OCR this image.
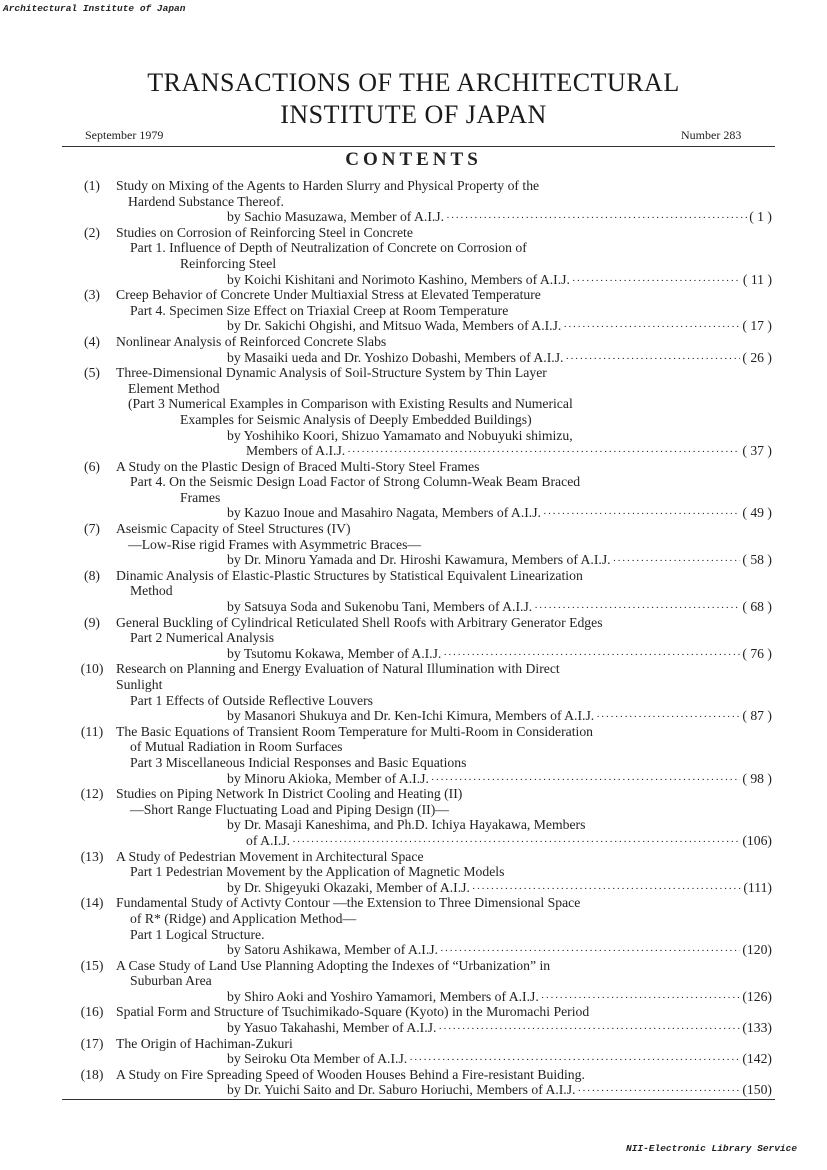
Architectural Institute of Japan
TRANSACTIONS OF THE ARCHITECTURAL
INSTITUTE OF JAPAN
September 1979	Number 283
CONTENTS
(1)	Study on Mixing of the Agents to Harden Slurry and Physical Property of the
Hardend Substance Thereof.
by Sachio Masuzawa, Member of A.I.J. ·····	( 1 )
(2)	Studies on Corrosion of Reinforcing Steel in Concrete
Part 1. Influence of Depth of Neutralization of Concrete on Corrosion of
Reinforcing Steel
by Koichi Kishitani and Norimoto Kashino, Members of A.I.J. ·····	( 11 )
(3)	Creep Behavior of Concrete Under Multiaxial Stress at Elevated Temperature
Part 4. Specimen Size Effect on Triaxial Creep at Room Temperature
by Dr. Sakichi Ohgishi, and Mitsuo Wada, Members of A.I.J. ·····	( 17 )
(4)	Nonlinear Analysis of Reinforced Concrete Slabs
by Masaiki ueda and Dr. Yoshizo Dobashi, Members of A.I.J. ·····	( 26 )
(5)	Three-Dimensional Dynamic Analysis of Soil-Structure System by Thin Layer
Element Method
(Part 3 Numerical Examples in Comparison with Existing Results and Numerical
Examples for Seismic Analysis of Deeply Embedded Buildings)
by Yoshihiko Koori, Shizuo Yamamato and Nobuyuki shimizu,
Members of A.I.J. ·····	( 37 )
(6)	A Study on the Plastic Design of Braced Multi-Story Steel Frames
Part 4. On the Seismic Design Load Factor of Strong Column-Weak Beam Braced
Frames
by Kazuo Inoue and Masahiro Nagata, Members of A.I.J. ·····	( 49 )
(7)	Aseismic Capacity of Steel Structures (IV)
—Low-Rise rigid Frames with Asymmetric Braces—
by Dr. Minoru Yamada and Dr. Hiroshi Kawamura, Members of A.I.J. ·····	( 58 )
(8)	Dinamic Analysis of Elastic-Plastic Structures by Statistical Equivalent Linearization
Method
by Satsuya Soda and Sukenobu Tani, Members of A.I.J. ·····	( 68 )
(9)	General Buckling of Cylindrical Reticulated Shell Roofs with Arbitrary Generator Edges
Part 2 Numerical Analysis
by Tsutomu Kokawa, Member of A.I.J. ·····	( 76 )
(10) Research on Planning and Energy Evaluation of Natural Illumination with Direct
Sunlight
Part 1 Effects of Outside Reflective Louvers
by Masanori Shukuya and Dr. Ken-Ichi Kimura, Members of A.I.J. ·····	( 87 )
(11) The Basic Equations of Transient Room Temperature for Multi-Room in Consideration
of Mutual Radiation in Room Surfaces
Part 3 Miscellaneous Indicial Responses and Basic Equations
by Minoru Akioka, Member of A.I.J. ·····	( 98 )
(12) Studies on Piping Network In District Cooling and Heating (II)
—Short Range Fluctuating Load and Piping Design (II)—
by Dr. Masaji Kaneshima, and Ph.D. Ichiya Hayakawa, Members
of A.I.J. ·····	(106)
(13) A Study of Pedestrian Movement in Architectural Space
Part 1 Pedestrian Movement by the Application of Magnetic Models
by Dr. Shigeyuki Okazaki, Member of A.I.J. ·····	(111)
(14) Fundamental Study of Activty Contour —the Extension to Three Dimensional Space
of R* (Ridge) and Application Method—
Part 1 Logical Structure.
by Satoru Ashikawa, Member of A.I.J. ·····	(120)
(15) A Case Study of Land Use Planning Adopting the Indexes of “Urbanization” in
Suburban Area
by Shiro Aoki and Yoshiro Yamamori, Members of A.I.J. ·····	(126)
(16) Spatial Form and Structure of Tsuchimikado-Square (Kyoto) in the Muromachi Period
by Yasuo Takahashi, Member of A.I.J. ·····	(133)
(17) The Origin of Hachiman-Zukuri
by Seiroku Ota Member of A.I.J. ·····	(142)
(18) A Study on Fire Spreading Speed of Wooden Houses Behind a Fire-resistant Buiding.
by Dr. Yuichi Saito and Dr. Saburo Horiuchi, Members of A.I.J. ·····	(150)
NII-Electronic Library Service
